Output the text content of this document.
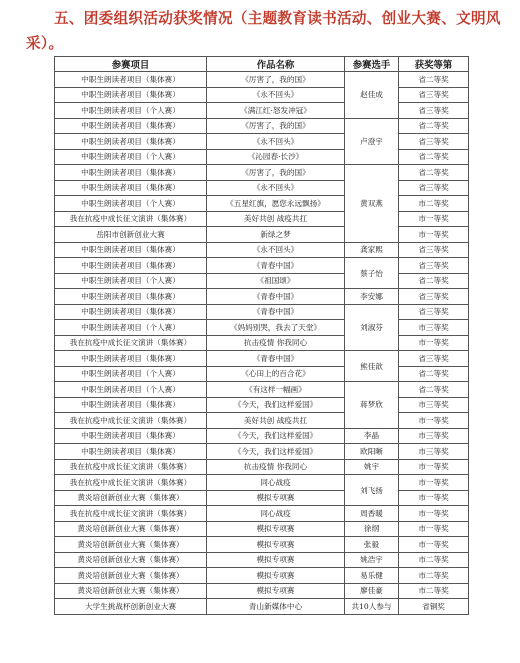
五、团委组织活动获奖情况（主题教育读书活动、创业大赛、文明风采）。
参赛项目	作品名称	参赛选手	获奖等第
中职生朗读者项目（集体赛）	《厉害了，我的国》	赵佳成	省二等奖
中职生朗读者项目（集体赛）	《永不回头》		省三等奖
中职生朗读者项目（个人赛）	《满江红·怒发冲冠》		省三等奖
中职生朗读者项目（集体赛）	《厉害了，我的国》	卢澄宇	省二等奖
中职生朗读者项目（集体赛）	《永不回头》		省三等奖
中职生朗读者项目（个人赛）	《沁园春·长沙》		省二等奖
中职生朗读者项目（集体赛）	《厉害了，我的国》	黄双燕	省二等奖
中职生朗读者项目（集体赛）	《永不回头》		省三等奖
中职生朗读者项目（个人赛）	《五星红旗，愿您永远飘扬》		市二等奖
我在抗疫中成长征文演讲（集体赛）	美好共创 战疫共扛		市一等奖
岳阳市创新创业大赛	新绿之梦		市一等奖
中职生朗读者项目（集体赛）	《永不回头》	龚家熙	省三等奖
中职生朗读者项目（集体赛）	《青春中国》	蔡子怡	省三等奖
中职生朗读者项目（个人赛）	《祖国颂》		省二等奖
中职生朗读者项目（集体赛）	《青春中国》	李安娜	省三等奖
中职生朗读者项目（集体赛）	《青春中国》	刘淑芬	省三等奖
中职生朗读者项目（个人赛）	《妈妈别哭，我去了天堂》		市三等奖
我在抗疫中成长征文演讲（集体赛）	抗击疫情 你我同心		市一等奖
中职生朗读者项目（集体赛）	《青春中国》	熊佳歆	省三等奖
中职生朗读者项目（个人赛）	《心田上的百合花》		省二等奖
中职生朗读者项目（个人赛）	《有这样一幅画》	蒋梦欣	省二等奖
中职生朗读者项目（集体赛）	《今天，我们这样爱国》		市三等奖
我在抗疫中成长征文演讲（集体赛）	美好共创 战疫共扛		市一等奖
中职生朗读者项目（集体赛）	《今天，我们这样爱国》	李晶	市三等奖
中职生朗读者项目（集体赛）	《今天，我们这样爱国》	欧阳晰	市三等奖
我在抗疫中成长征文演讲（集体赛）	抗击疫情 你我同心	姚宇	市一等奖
我在抗疫中成长征文演讲（集体赛）	同心战疫	刘飞扬	市一等奖
黄炎培创新创业大赛（集体赛）	模拟专项赛		市一等奖
我在抗疫中成长征文演讲（集体赛）	同心战疫	周香暖	市一等奖
黄炎培创新创业大赛（集体赛）	模拟专项赛	徐纲	市一等奖
黄炎培创新创业大赛（集体赛）	模拟专项赛	张毅	市一等奖
黄炎培创新创业大赛（集体赛）	模拟专项赛	姚浩宇	市二等奖
黄炎培创新创业大赛（集体赛）	模拟专项赛	易乐健	市二等奖
黄炎培创新创业大赛（集体赛）	模拟专项赛	廖佳豪	市二等奖
大学生挑战杯创新创业大赛	青山新媒体中心	共10人参与	省铜奖
